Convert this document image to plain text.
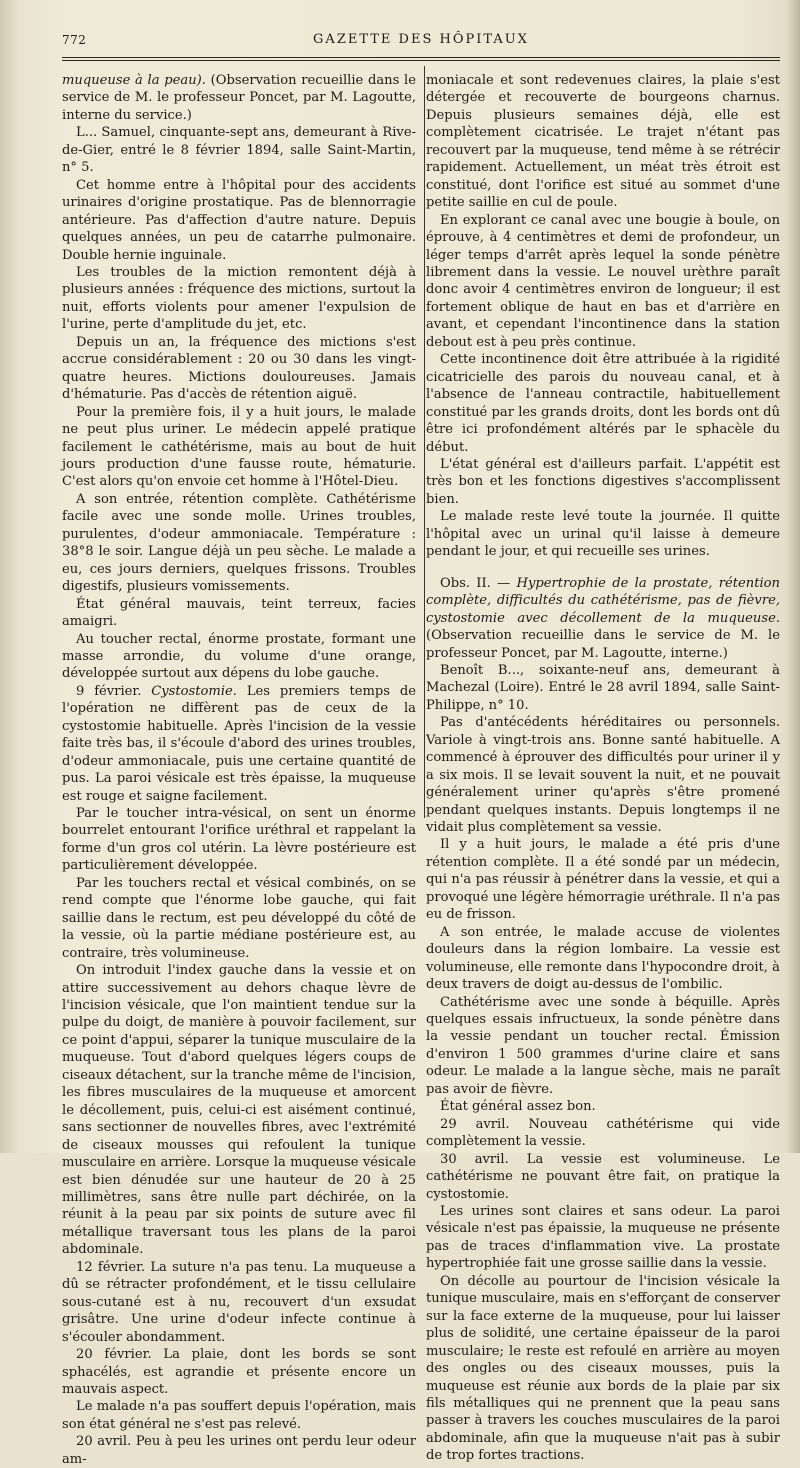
772	GAZETTE DES HÔPITAUX

muqueuse à la peau). (Observation recueillie dans le service de M. le professeur Poncet, par M. Lagoutte, interne du service.)

L... Samuel, cinquante-sept ans, demeurant à Rive-de-Gier, entré le 8 février 1894, salle Saint-Martin, n° 5.

Cet homme entre à l'hôpital pour des accidents urinaires d'origine prostatique. Pas de blennorragie antérieure. Pas d'affection d'autre nature. Depuis quelques années, un peu de catarrhe pulmonaire. Double hernie inguinale.

Les troubles de la miction remontent déjà à plusieurs années : fréquence des mictions, surtout la nuit, efforts violents pour amener l'expulsion de l'urine, perte d'amplitude du jet, etc.

Depuis un an, la fréquence des mictions s'est accrue considérablement : 20 ou 30 dans les vingt-quatre heures. Mictions douloureuses. Jamais d'hématurie. Pas d'accès de rétention aiguë.

Pour la première fois, il y a huit jours, le malade ne peut plus uriner. Le médecin appelé pratique facilement le cathétérisme, mais au bout de huit jours production d'une fausse route, hématurie. C'est alors qu'on envoie cet homme à l'Hôtel-Dieu.

A son entrée, rétention complète. Cathétérisme facile avec une sonde molle. Urines troubles, purulentes, d'odeur ammoniacale. Température : 38°8 le soir. Langue déjà un peu sèche. Le malade a eu, ces jours derniers, quelques frissons. Troubles digestifs, plusieurs vomissements.

État général mauvais, teint terreux, facies amaigri.

Au toucher rectal, énorme prostate, formant une masse arrondie, du volume d'une orange, développée surtout aux dépens du lobe gauche.

9 février. Cystostomie. Les premiers temps de l'opération ne diffèrent pas de ceux de la cystostomie habituelle. Après l'incision de la vessie faite très bas, il s'écoule d'abord des urines troubles, d'odeur ammoniacale, puis une certaine quantité de pus. La paroi vésicale est très épaisse, la muqueuse est rouge et saigne facilement.

Par le toucher intra-vésical, on sent un énorme bourrelet entourant l'orifice uréthral et rappelant la forme d'un gros col utérin. La lèvre postérieure est particulièrement développée.

Par les touchers rectal et vésical combinés, on se rend compte que l'énorme lobe gauche, qui fait saillie dans le rectum, est peu développé du côté de la vessie, où la partie médiane postérieure est, au contraire, très volumineuse.

On introduit l'index gauche dans la vessie et on attire successivement au dehors chaque lèvre de l'incision vésicale, que l'on maintient tendue sur la pulpe du doigt, de manière à pouvoir facilement, sur ce point d'appui, séparer la tunique musculaire de la muqueuse. Tout d'abord quelques légers coups de ciseaux détachent, sur la tranche même de l'incision, les fibres musculaires de la muqueuse et amorcent le décollement, puis, celui-ci est aisément continué, sans sectionner de nouvelles fibres, avec l'extrémité de ciseaux mousses qui refoulent la tunique musculaire en arrière. Lorsque la muqueuse vésicale est bien dénudée sur une hauteur de 20 à 25 millimètres, sans être nulle part déchirée, on la réunit à la peau par six points de suture avec fil métallique traversant tous les plans de la paroi abdominale.

12 février. La suture n'a pas tenu. La muqueuse a dû se rétracter profondément, et le tissu cellulaire sous-cutané est à nu, recouvert d'un exsudat grisâtre. Une urine d'odeur infecte continue à s'écouler abondamment.

20 février. La plaie, dont les bords se sont sphacélés, est agrandie et présente encore un mauvais aspect.

Le malade n'a pas souffert depuis l'opération, mais son état général ne s'est pas relevé.

20 avril. Peu à peu les urines ont perdu leur odeur am-

moniacale et sont redevenues claires, la plaie s'est détergée et recouverte de bourgeons charnus. Depuis plusieurs semaines déjà, elle est complètement cicatrisée. Le trajet n'étant pas recouvert par la muqueuse, tend même à se rétrécir rapidement. Actuellement, un méat très étroit est constitué, dont l'orifice est situé au sommet d'une petite saillie en cul de poule.

En explorant ce canal avec une bougie à boule, on éprouve, à 4 centimètres et demi de profondeur, un léger temps d'arrêt après lequel la sonde pénètre librement dans la vessie. Le nouvel urèthre paraît donc avoir 4 centimètres environ de longueur; il est fortement oblique de haut en bas et d'arrière en avant, et cependant l'incontinence dans la station debout est à peu près continue.

Cette incontinence doit être attribuée à la rigidité cicatricielle des parois du nouveau canal, et à l'absence de l'anneau contractile, habituellement constitué par les grands droits, dont les bords ont dû être ici profondément altérés par le sphacèle du début.

L'état général est d'ailleurs parfait. L'appétit est très bon et les fonctions digestives s'accomplissent bien.

Le malade reste levé toute la journée. Il quitte l'hôpital avec un urinal qu'il laisse à demeure pendant le jour, et qui recueille ses urines.

Obs. II. — Hypertrophie de la prostate, rétention complète, difficultés du cathétérisme, pas de fièvre, cystostomie avec décollement de la muqueuse. (Observation recueillie dans le service de M. le professeur Poncet, par M. Lagoutte, interne.)

Benoît B..., soixante-neuf ans, demeurant à Machezal (Loire). Entré le 28 avril 1894, salle Saint-Philippe, n° 10.

Pas d'antécédents héréditaires ou personnels. Variole à vingt-trois ans. Bonne santé habituelle. A commencé à éprouver des difficultés pour uriner il y a six mois. Il se levait souvent la nuit, et ne pouvait généralement uriner qu'après s'être promené pendant quelques instants. Depuis longtemps il ne vidait plus complètement sa vessie.

Il y a huit jours, le malade a été pris d'une rétention complète. Il a été sondé par un médecin, qui n'a pas réussir à pénétrer dans la vessie, et qui a provoqué une légère hémorragie uréthrale. Il n'a pas eu de frisson.

A son entrée, le malade accuse de violentes douleurs dans la région lombaire. La vessie est volumineuse, elle remonte dans l'hypocondre droit, à deux travers de doigt au-dessus de l'ombilic.

Cathétérisme avec une sonde à béquille. Après quelques essais infructueux, la sonde pénètre dans la vessie pendant un toucher rectal. Émission d'environ 1 500 grammes d'urine claire et sans odeur. Le malade a la langue sèche, mais ne paraît pas avoir de fièvre.

État général assez bon.

29 avril. Nouveau cathétérisme qui vide complètement la vessie.

30 avril. La vessie est volumineuse. Le cathétérisme ne pouvant être fait, on pratique la cystostomie.

Les urines sont claires et sans odeur. La paroi vésicale n'est pas épaissie, la muqueuse ne présente pas de traces d'inflammation vive. La prostate hypertrophiée fait une grosse saillie dans la vessie.

On décolle au pourtour de l'incision vésicale la tunique musculaire, mais en s'efforçant de conserver sur la face externe de la muqueuse, pour lui laisser plus de solidité, une certaine épaisseur de la paroi musculaire; le reste est refoulé en arrière au moyen des ongles ou des ciseaux mousses, puis la muqueuse est réunie aux bords de la plaie par six fils métalliques qui ne prennent que la peau sans passer à travers les couches musculaires de la paroi abdominale, afin que la muqueuse n'ait pas à subir de trop fortes tractions.
